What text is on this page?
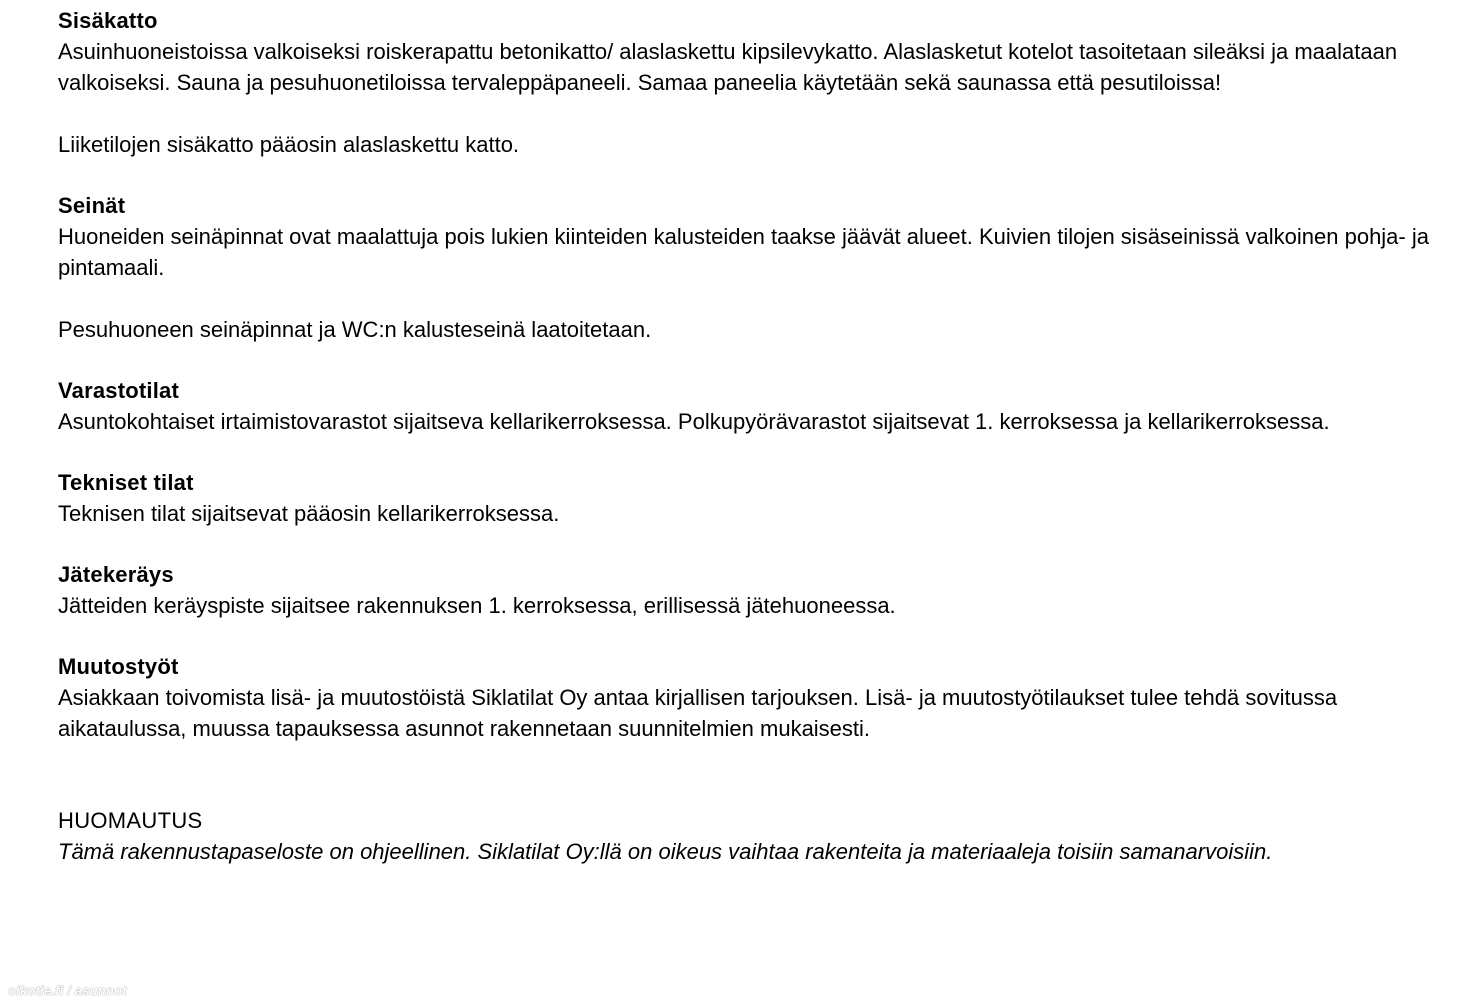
Sisäkatto

Asuinhuoneistoissa valkoiseksi roiskerapattu betonikatto/ alaslaskettu kipsilevykatto. Alaslasketut kotelot tasoitetaan sileäksi ja maalataan valkoiseksi. Sauna ja pesuhuonetiloissa tervaleppäpaneeli. Samaa paneelia käytetään sekä saunassa että pesutiloissa!

Liiketilojen sisäkatto pääosin alaslaskettu katto.

Seinät

Huoneiden seinäpinnat ovat maalattuja pois lukien kiinteiden kalusteiden taakse jäävät alueet. Kuivien tilojen sisäseinissä valkoinen pohja- ja pintamaali.

Pesuhuoneen seinäpinnat ja WC:n kalusteseinä laatoitetaan.

Varastotilat

Asuntokohtaiset irtaimistovarastot sijaitseva kellarikerroksessa. Polkupyörävarastot sijaitsevat 1. kerroksessa ja kellarikerroksessa.

Tekniset tilat

Teknisen tilat sijaitsevat pääosin kellarikerroksessa.

Jätekeräys

Jätteiden keräyspiste sijaitsee rakennuksen 1. kerroksessa, erillisessä jätehuoneessa.

Muutostyöt

Asiakkaan toivomista lisä- ja muutostöistä Siklatilat Oy antaa kirjallisen tarjouksen. Lisä- ja muutostyötilaukset tulee tehdä sovitussa aikataulussa, muussa tapauksessa asunnot rakennetaan suunnitelmien mukaisesti.

HUOMAUTUS

Tämä rakennustapaseloste on ohjeellinen. Siklatilat Oy:llä on oikeus vaihtaa rakenteita ja materiaaleja toisiin samanarvoisiin.

oikotie.fi / asunnot
